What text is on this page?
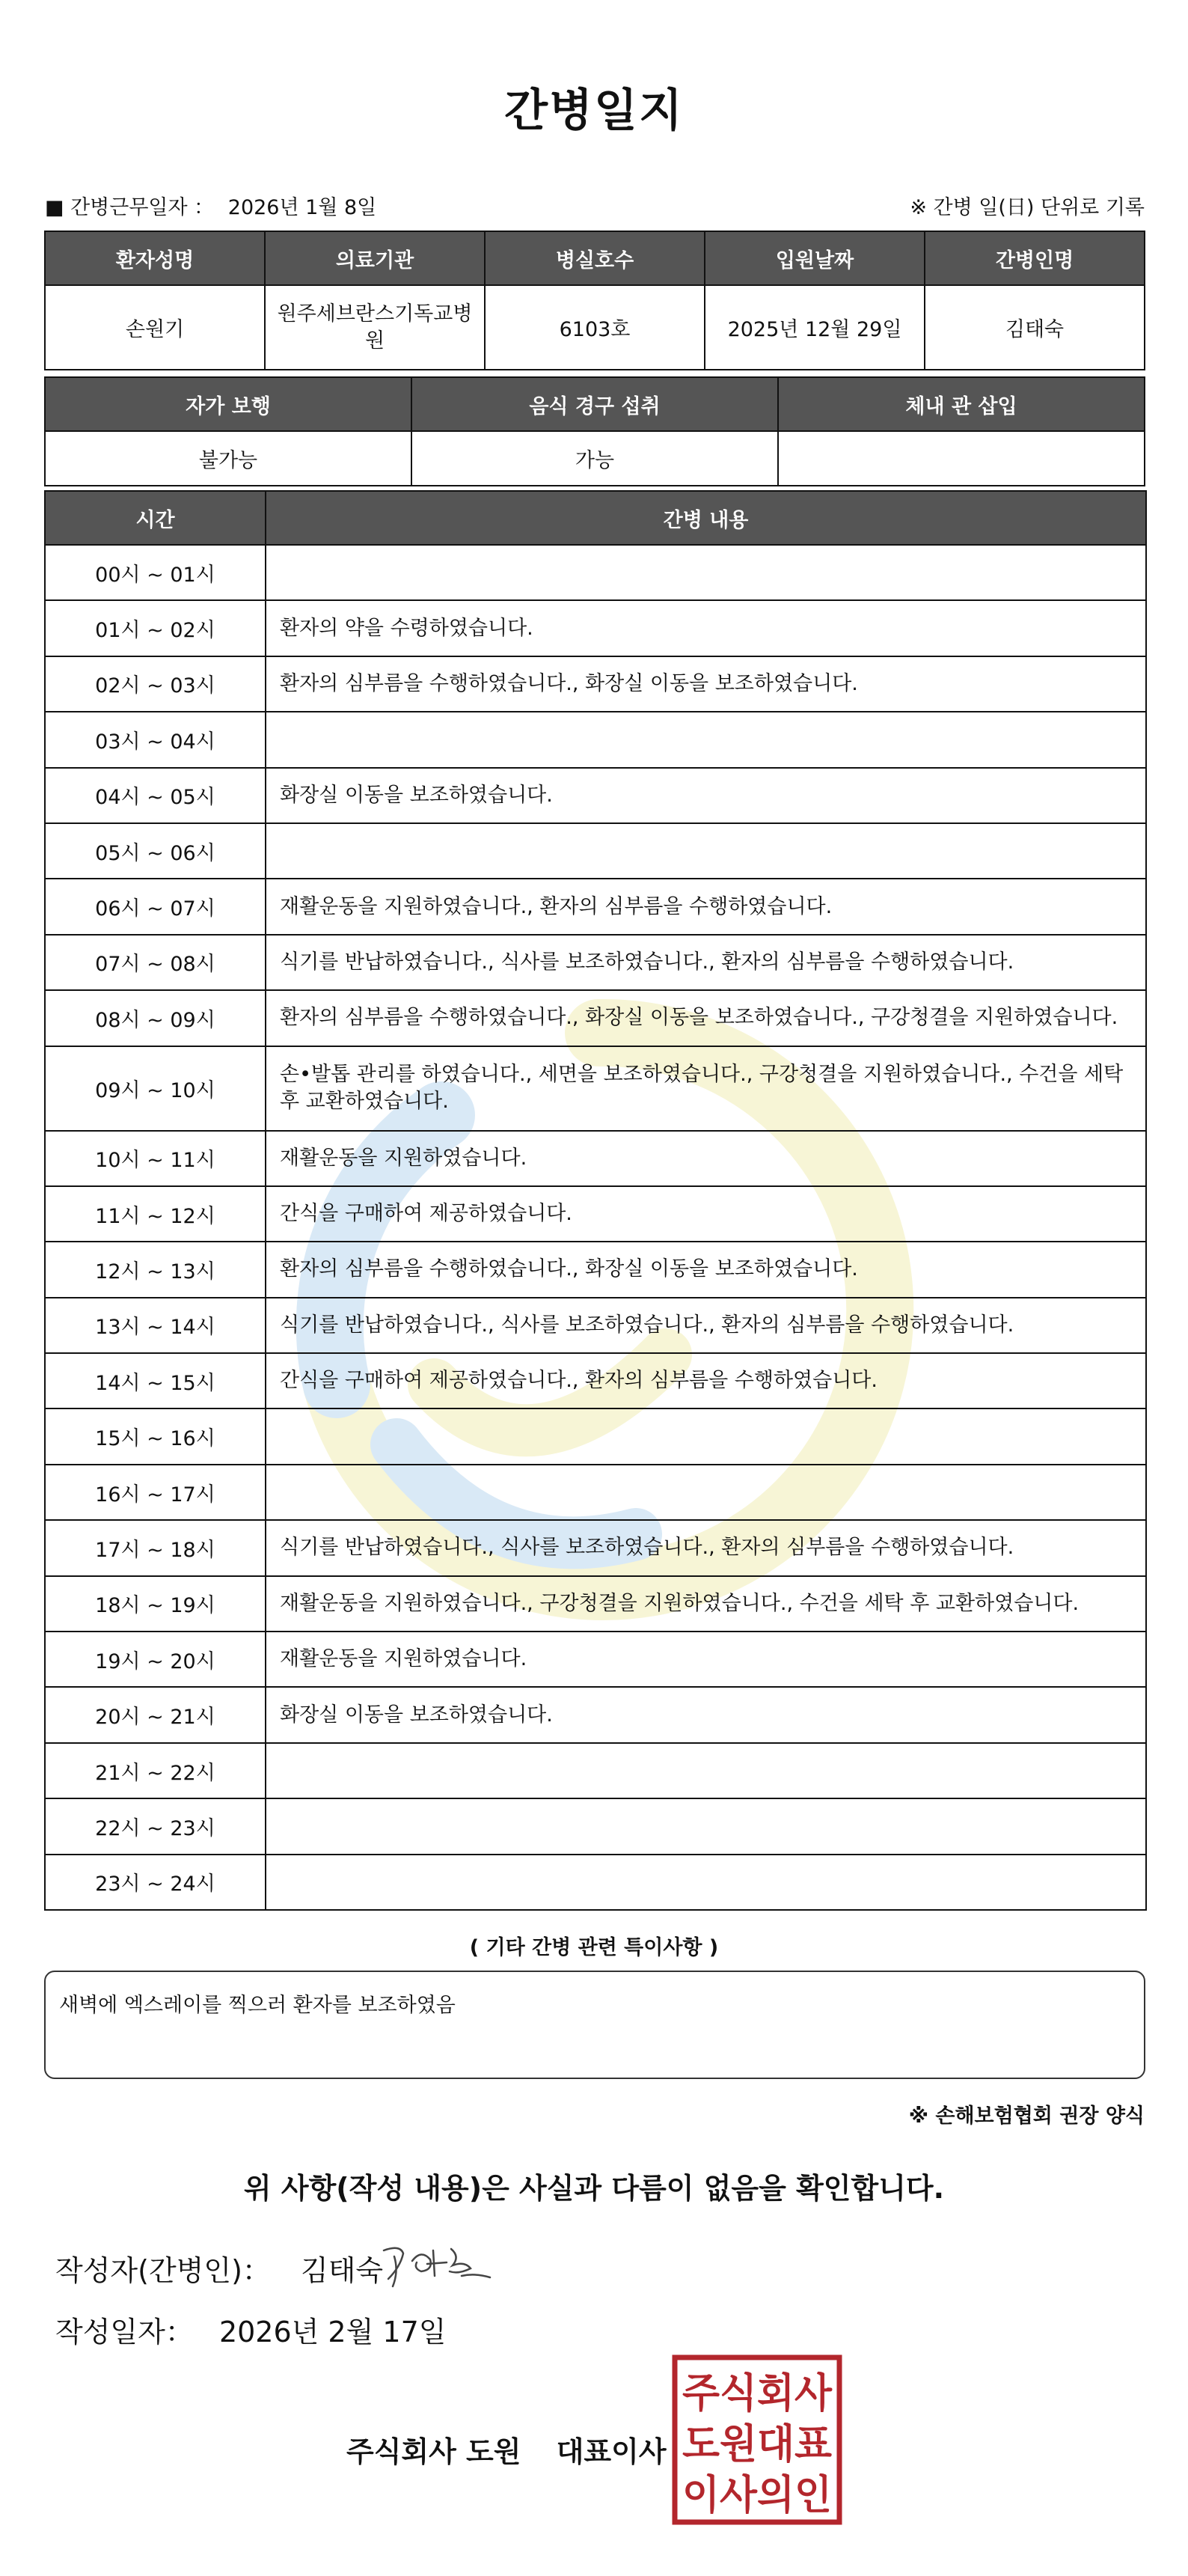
간병일지
■ 간병근무일자 ： 2026년 1월 8일	※ 간병 일(日) 단위로 기록
환자성명	의료기관	병실호수	입원날짜	간병인명
손원기	원주세브란스기독교병원	6103호	2025년 12월 29일	김태숙
자가 보행	음식 경구 섭취	체내 관 삽입
불가능	가능	
시간	간병 내용
00시 ~ 01시	
01시 ~ 02시	환자의 약을 수령하였습니다.
02시 ~ 03시	환자의 심부름을 수행하였습니다., 화장실 이동을 보조하였습니다.
03시 ~ 04시	
04시 ~ 05시	화장실 이동을 보조하였습니다.
05시 ~ 06시	
06시 ~ 07시	재활운동을 지원하였습니다., 환자의 심부름을 수행하였습니다.
07시 ~ 08시	식기를 반납하였습니다., 식사를 보조하였습니다., 환자의 심부름을 수행하였습니다.
08시 ~ 09시	환자의 심부름을 수행하였습니다., 화장실 이동을 보조하였습니다., 구강청결을 지원하였습니다.
09시 ~ 10시	손•발톱 관리를 하였습니다., 세면을 보조하였습니다., 구강청결을 지원하였습니다., 수건을 세탁 후 교환하였습니다.
10시 ~ 11시	재활운동을 지원하였습니다.
11시 ~ 12시	간식을 구매하여 제공하였습니다.
12시 ~ 13시	환자의 심부름을 수행하였습니다., 화장실 이동을 보조하였습니다.
13시 ~ 14시	식기를 반납하였습니다., 식사를 보조하였습니다., 환자의 심부름을 수행하였습니다.
14시 ~ 15시	간식을 구매하여 제공하였습니다., 환자의 심부름을 수행하였습니다.
15시 ~ 16시	
16시 ~ 17시	
17시 ~ 18시	식기를 반납하였습니다., 식사를 보조하였습니다., 환자의 심부름을 수행하였습니다.
18시 ~ 19시	재활운동을 지원하였습니다., 구강청결을 지원하였습니다., 수건을 세탁 후 교환하였습니다.
19시 ~ 20시	재활운동을 지원하였습니다.
20시 ~ 21시	화장실 이동을 보조하였습니다.
21시 ~ 22시	
22시 ~ 23시	
23시 ~ 24시	
( 기타 간병 관련 특이사항 )
새벽에 엑스레이를 찍으러 환자를 보조하였음
※ 손해보험협회 권장 양식
위 사항(작성 내용)은 사실과 다름이 없음을 확인합니다.
작성자(간병인)： 김태숙
작성일자： 2026년 2월 17일
주식회사 도원 대표이사
주식회사
도원대표
이사의인
